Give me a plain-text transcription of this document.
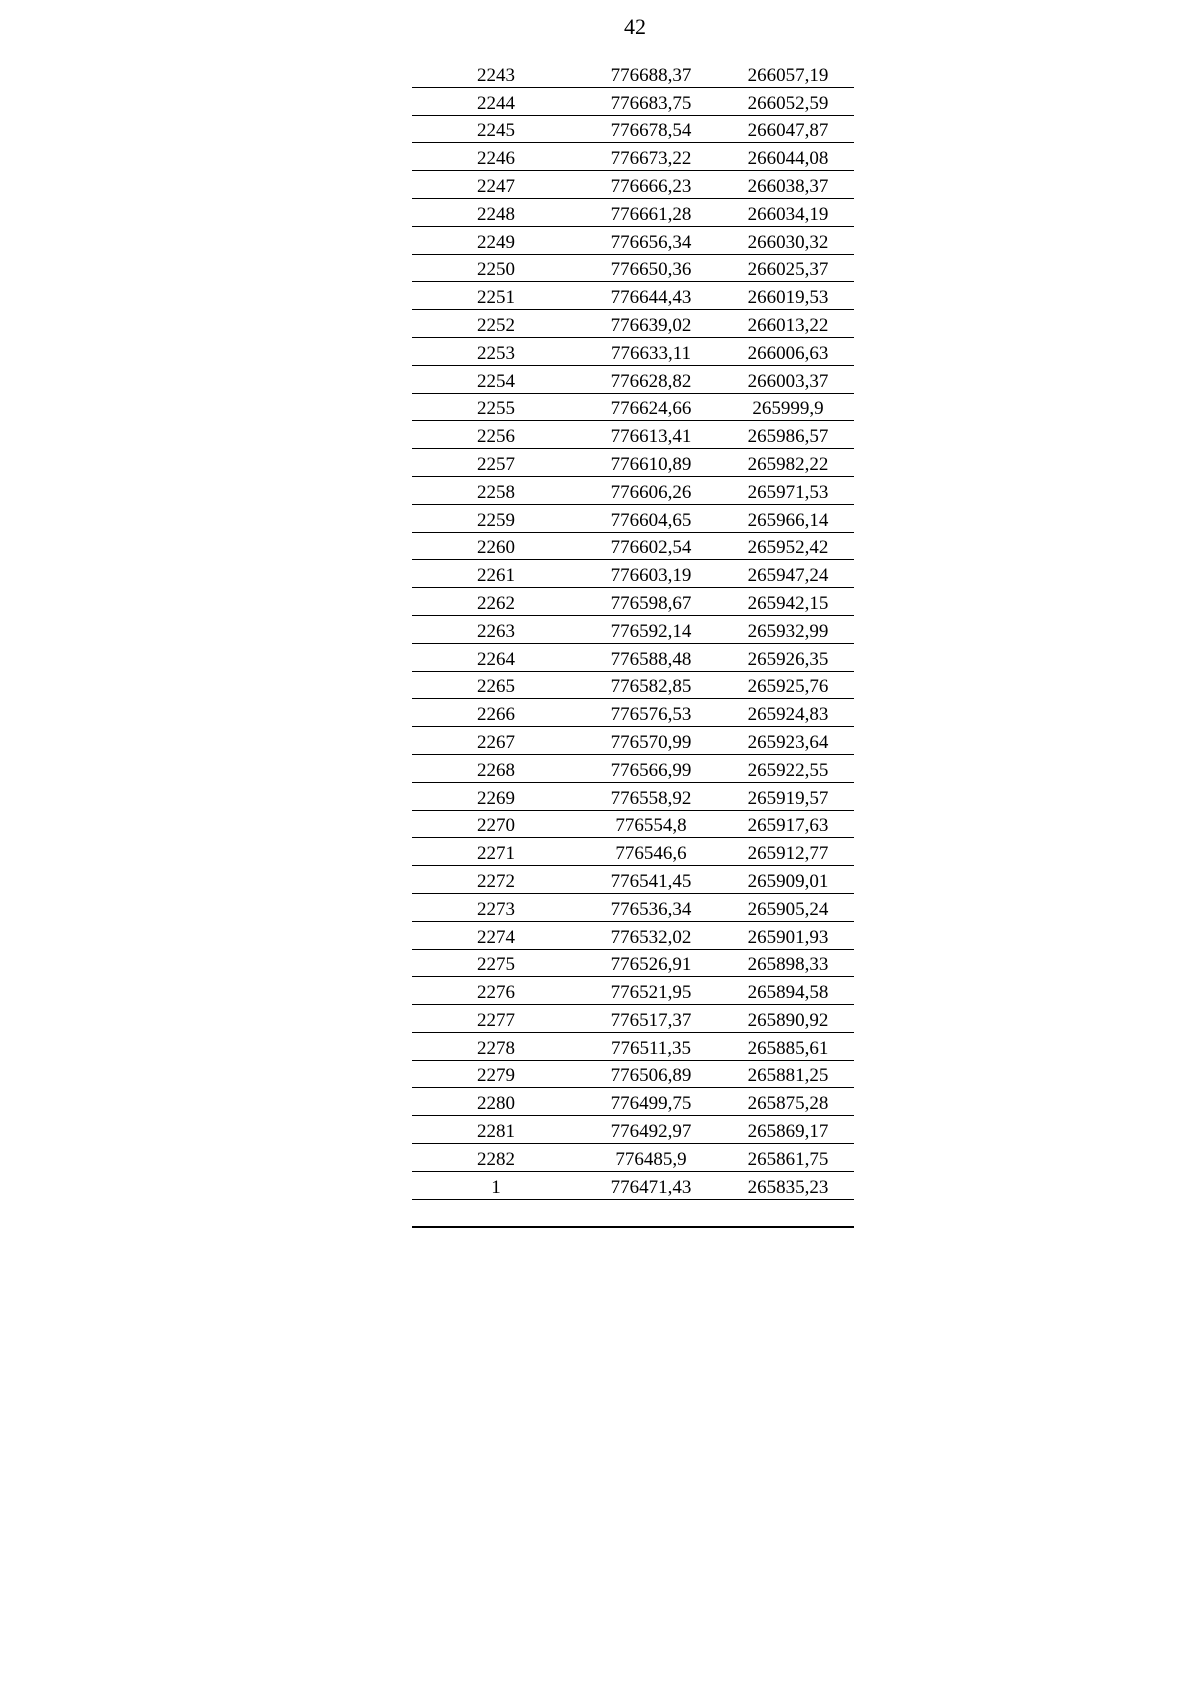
42
2243	776688,37	266057,19
2244	776683,75	266052,59
2245	776678,54	266047,87
2246	776673,22	266044,08
2247	776666,23	266038,37
2248	776661,28	266034,19
2249	776656,34	266030,32
2250	776650,36	266025,37
2251	776644,43	266019,53
2252	776639,02	266013,22
2253	776633,11	266006,63
2254	776628,82	266003,37
2255	776624,66	265999,9
2256	776613,41	265986,57
2257	776610,89	265982,22
2258	776606,26	265971,53
2259	776604,65	265966,14
2260	776602,54	265952,42
2261	776603,19	265947,24
2262	776598,67	265942,15
2263	776592,14	265932,99
2264	776588,48	265926,35
2265	776582,85	265925,76
2266	776576,53	265924,83
2267	776570,99	265923,64
2268	776566,99	265922,55
2269	776558,92	265919,57
2270	776554,8	265917,63
2271	776546,6	265912,77
2272	776541,45	265909,01
2273	776536,34	265905,24
2274	776532,02	265901,93
2275	776526,91	265898,33
2276	776521,95	265894,58
2277	776517,37	265890,92
2278	776511,35	265885,61
2279	776506,89	265881,25
2280	776499,75	265875,28
2281	776492,97	265869,17
2282	776485,9	265861,75
1	776471,43	265835,23
